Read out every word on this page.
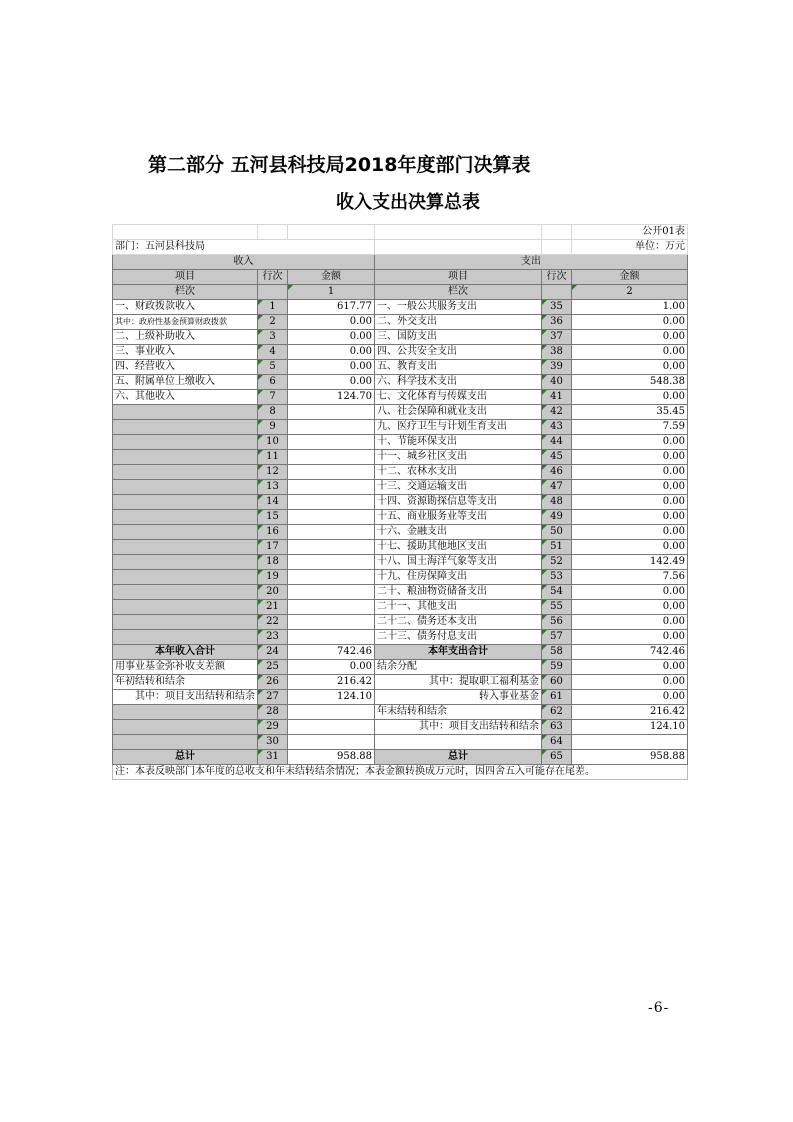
第二部分 五河县科技局2018年度部门决算表
收入支出决算总表
					公开01表
部门：五河县科技局					单位：万元
收入			支出		
项目	行次	金额	项目	行次	金额
栏次		1	栏次		2
一、财政拨款收入	1	617.77	一、一般公共服务支出	35	1.00
其中：政府性基金预算财政拨款	2	0.00	二、外交支出	36	0.00
二、上级补助收入	3	0.00	三、国防支出	37	0.00
三、事业收入	4	0.00	四、公共安全支出	38	0.00
四、经营收入	5	0.00	五、教育支出	39	0.00
五、附属单位上缴收入	6	0.00	六、科学技术支出	40	548.38
六、其他收入	7	124.70	七、文化体育与传媒支出	41	0.00
	8		八、社会保障和就业支出	42	35.45
	9		九、医疗卫生与计划生育支出	43	7.59
	10		十、节能环保支出	44	0.00
	11		十一、城乡社区支出	45	0.00
	12		十二、农林水支出	46	0.00
	13		十三、交通运输支出	47	0.00
	14		十四、资源勘探信息等支出	48	0.00
	15		十五、商业服务业等支出	49	0.00
	16		十六、金融支出	50	0.00
	17		十七、援助其他地区支出	51	0.00
	18		十八、国土海洋气象等支出	52	142.49
	19		十九、住房保障支出	53	7.56
	20		二十、粮油物资储备支出	54	0.00
	21		二十一、其他支出	55	0.00
	22		二十二、债务还本支出	56	0.00
	23		二十三、债务付息支出	57	0.00
本年收入合计	24	742.46	本年支出合计	58	742.46
用事业基金弥补收支差额	25	0.00	结余分配	59	0.00
年初结转和结余	26	216.42	其中：提取职工福利基金	60	0.00
其中：项目支出结转和结余	27	124.10	转入事业基金	61	0.00
	28		年末结转和结余	62	216.42
	29		其中：项目支出结转和结余	63	124.10
	30			64	
总计	31	958.88	总计	65	958.88
注：本表反映部门本年度的总收支和年末结转结余情况；本表金额转换成万元时，因四舍五入可能存在尾差。					
-6-
